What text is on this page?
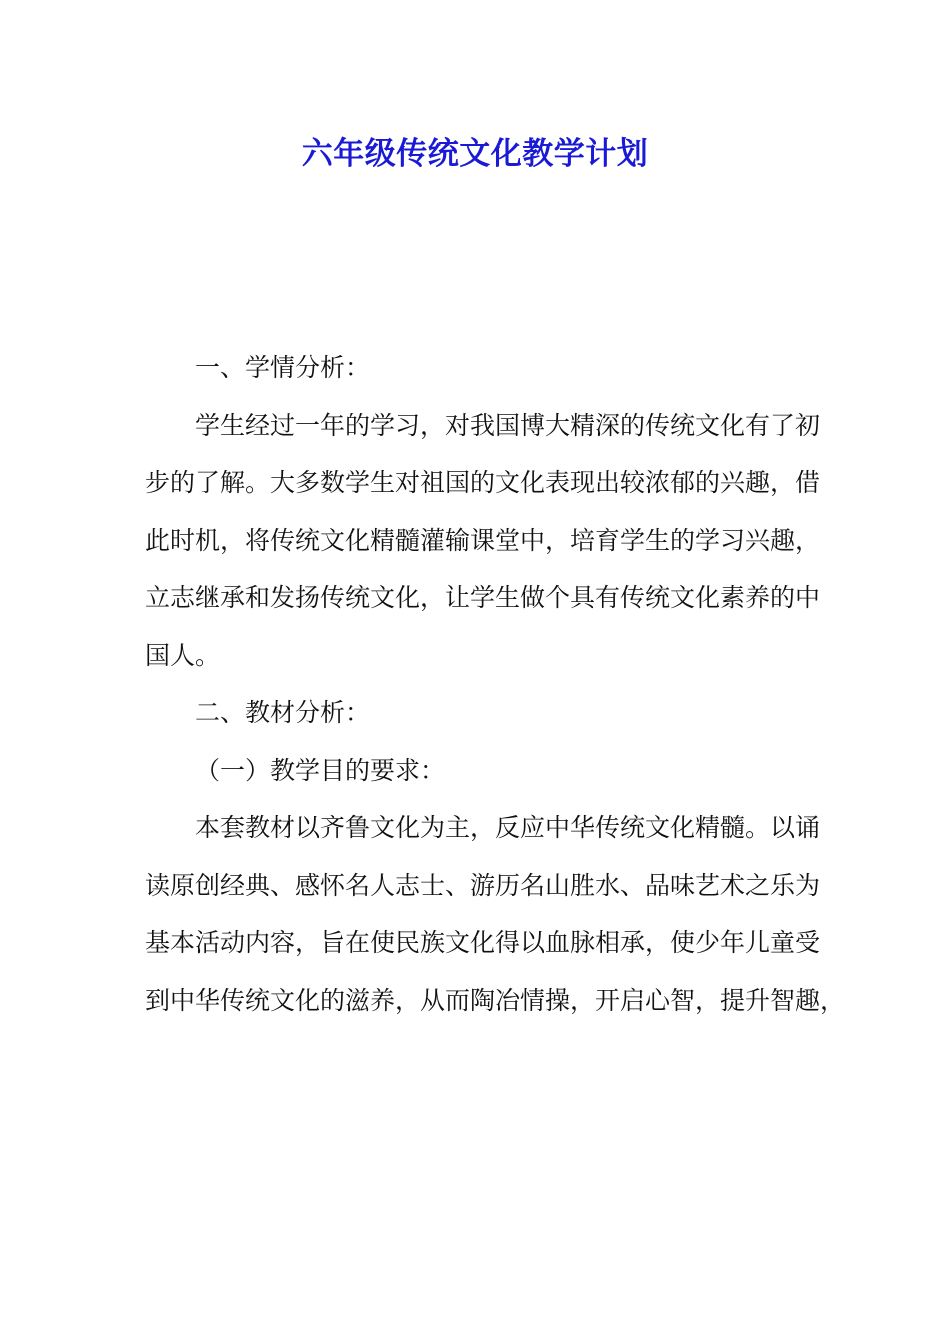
六年级传统文化教学计划
一、学情分析：
学生经过一年的学习，对我国博大精深的传统文化有了初
步的了解。大多数学生对祖国的文化表现出较浓郁的兴趣，借
此时机，将传统文化精髓灌输课堂中，培育学生的学习兴趣，
立志继承和发扬传统文化，让学生做个具有传统文化素养的中
国人。
二、教材分析：
（一）教学目的要求：
本套教材以齐鲁文化为主，反应中华传统文化精髓。以诵
读原创经典、感怀名人志士、游历名山胜水、品味艺术之乐为
基本活动内容，旨在使民族文化得以血脉相承，使少年儿童受
到中华传统文化的滋养，从而陶冶情操，开启心智，提升智趣，
